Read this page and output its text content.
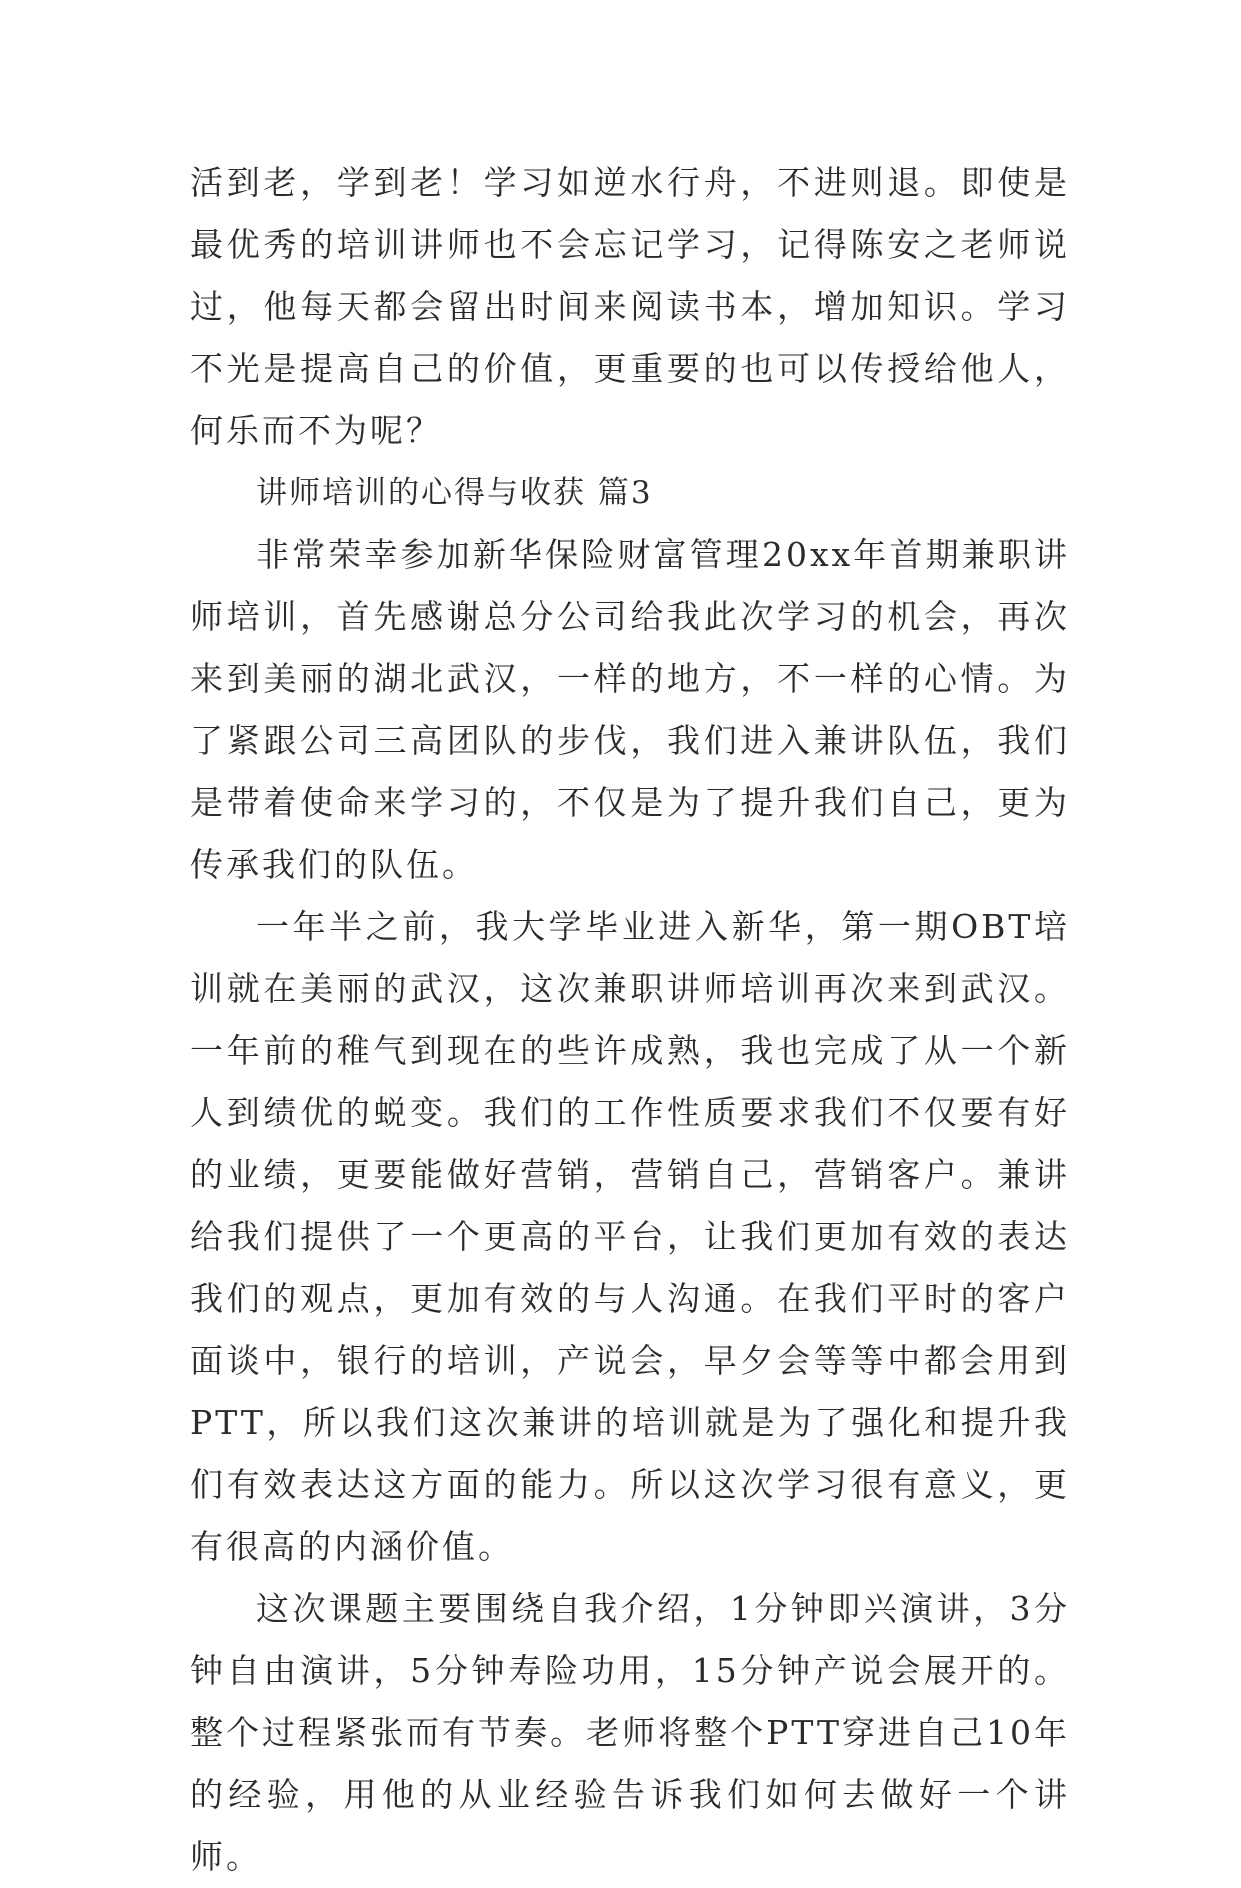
活到老，学到老！学习如逆水行舟，不进则退。即使是最优秀的培训讲师也不会忘记学习，记得陈安之老师说过，他每天都会留出时间来阅读书本，增加知识。学习不光是提高自己的价值，更重要的也可以传授给他人，何乐而不为呢？

讲师培训的心得与收获 篇3

非常荣幸参加新华保险财富管理20xx年首期兼职讲师培训，首先感谢总分公司给我此次学习的机会，再次来到美丽的湖北武汉，一样的地方，不一样的心情。为了紧跟公司三高团队的步伐，我们进入兼讲队伍，我们是带着使命来学习的，不仅是为了提升我们自己，更为传承我们的队伍。

一年半之前，我大学毕业进入新华，第一期OBT培训就在美丽的武汉，这次兼职讲师培训再次来到武汉。一年前的稚气到现在的些许成熟，我也完成了从一个新人到绩优的蜕变。我们的工作性质要求我们不仅要有好的业绩，更要能做好营销，营销自己，营销客户。兼讲给我们提供了一个更高的平台，让我们更加有效的表达我们的观点，更加有效的与人沟通。在我们平时的客户面谈中，银行的培训，产说会，早夕会等等中都会用到PTT，所以我们这次兼讲的培训就是为了强化和提升我们有效表达这方面的能力。所以这次学习很有意义，更有很高的内涵价值。

这次课题主要围绕自我介绍，1分钟即兴演讲，3分钟自由演讲，5分钟寿险功用，15分钟产说会展开的。整个过程紧张而有节奏。老师将整个PTT穿进自己10年的经验，用他的从业经验告诉我们如何去做好一个讲师。
